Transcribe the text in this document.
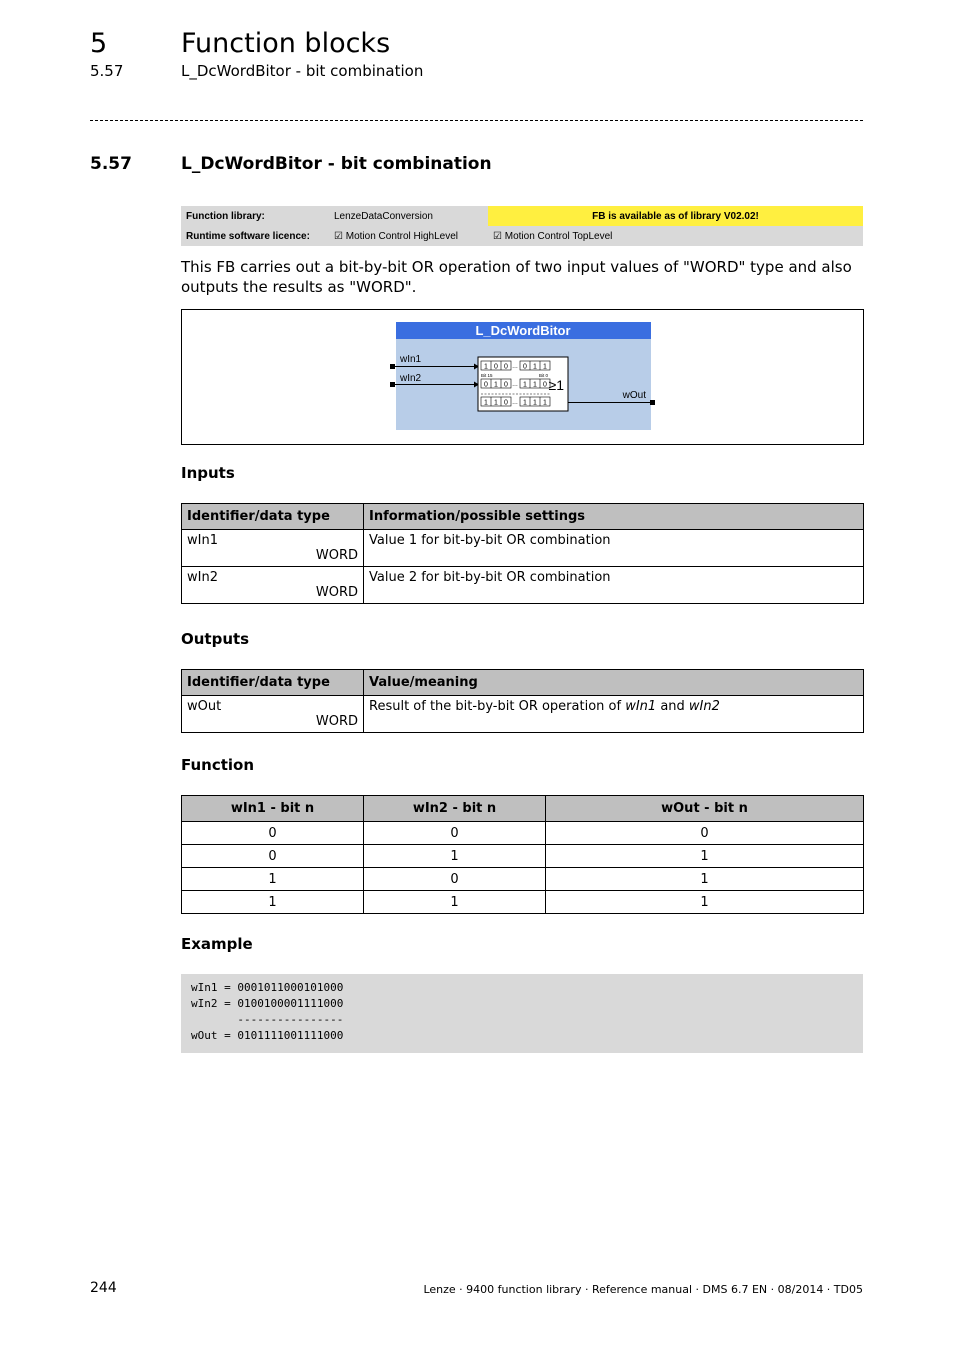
5	Function blocks
5.57	L_DcWordBitor - bit combination
5.57	L_DcWordBitor - bit combination
Function library:	LenzeDataConversion	FB is available as of library V02.02!
Runtime software licence:	☑ Motion Control HighLevel	☑ Motion Control TopLevel
This FB carries out a bit-by-bit OR operation of two input values of "WORD" type and also outputs the results as "WORD".
L_DcWordBitor
wIn1
wIn2	≥1
1 0 0 0 1 1
…
Bit 15	Bit 0
0 1 0 1 1 0
…
1 1 0 1 1 1
…
wOut
Inputs
Identifier/data type	Information/possible settings

wIn1
WORD	Value 1 for bit-by-bit OR combination

wIn2
WORD	Value 2 for bit-by-bit OR combination
Outputs
Identifier/data type	Value/meaning

wOut
WORD	Result of the bit-by-bit OR operation of wIn1 and wIn2
Function
wIn1 - bit n	wIn2 - bit n	wOut - bit n
0	0	0
0	1	1
1	0	1
1	1	1
Example
wIn1 = 0001011000101000
wIn2 = 0100100001111000
----------------
wOut = 0101111001111000
244	Lenze · 9400 function library · Reference manual · DMS 6.7 EN · 08/2014 · TD05
